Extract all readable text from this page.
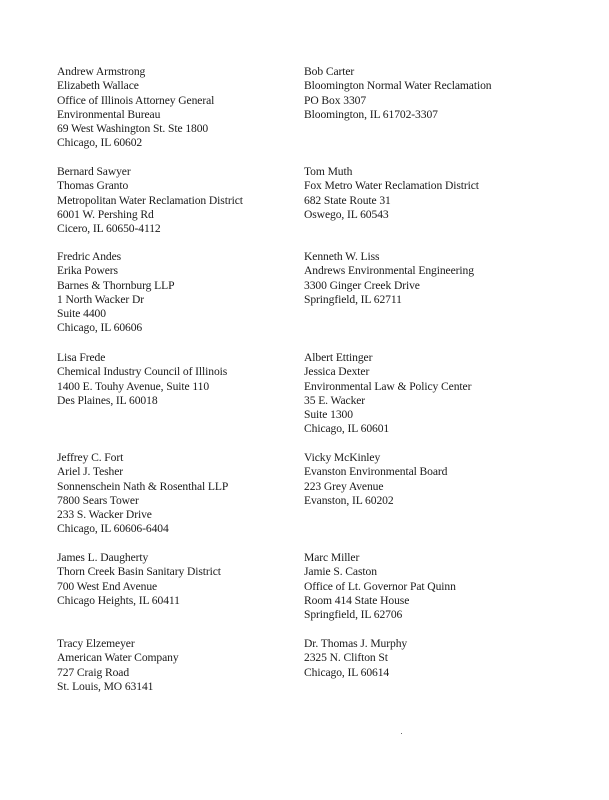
Andrew Armstrong
Elizabeth Wallace
Office of Illinois Attorney General
Environmental Bureau
69 West Washington St. Ste 1800
Chicago, IL 60602
Bob Carter
Bloomington Normal Water Reclamation
PO Box 3307
Bloomington, IL 61702-3307
Bernard Sawyer
Thomas Granto
Metropolitan Water Reclamation District
6001 W. Pershing Rd
Cicero, IL 60650-4112
Tom Muth
Fox Metro Water Reclamation District
682 State Route 31
Oswego, IL 60543
Fredric Andes
Erika Powers
Barnes & Thornburg LLP
1 North Wacker Dr
Suite 4400
Chicago, IL 60606
Kenneth W. Liss
Andrews Environmental Engineering
3300 Ginger Creek Drive
Springfield, IL 62711
Lisa Frede
Chemical Industry Council of Illinois
1400 E. Touhy Avenue, Suite 110
Des Plaines, IL 60018
Albert Ettinger
Jessica Dexter
Environmental Law & Policy Center
35 E. Wacker
Suite 1300
Chicago, IL 60601
Jeffrey C. Fort
Ariel J. Tesher
Sonnenschein Nath & Rosenthal LLP
7800 Sears Tower
233 S. Wacker Drive
Chicago, IL 60606-6404
Vicky McKinley
Evanston Environmental Board
223 Grey Avenue
Evanston, IL 60202
James L. Daugherty
Thorn Creek Basin Sanitary District
700 West End Avenue
Chicago Heights, IL 60411
Marc Miller
Jamie S. Caston
Office of Lt. Governor Pat Quinn
Room 414 State House
Springfield, IL 62706
Tracy Elzemeyer
American Water Company
727 Craig Road
St. Louis, MO 63141
Dr. Thomas J. Murphy
2325 N. Clifton St
Chicago, IL 60614
